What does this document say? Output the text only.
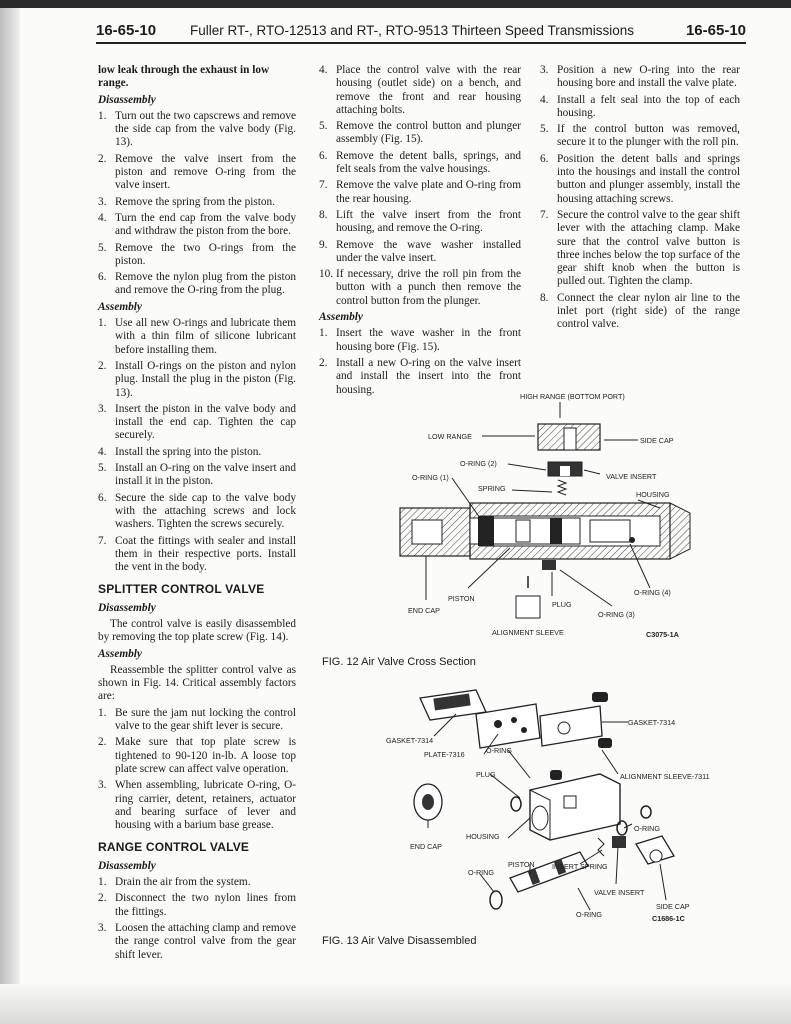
16-65-10	Fuller RT-, RTO-12513 and RT-, RTO-9513 Thirteen Speed Transmissions	16-65-10

low leak through the exhaust in low range.

Disassembly

1. Turn out the two capscrews and remove the side cap from the valve body (Fig. 13).
2. Remove the valve insert from the piston and remove O-ring from the valve insert.
3. Remove the spring from the piston.
4. Turn the end cap from the valve body and withdraw the piston from the bore.
5. Remove the two O-rings from the piston.
6. Remove the nylon plug from the piston and remove the O-ring from the plug.

Assembly

1. Use all new O-rings and lubricate them with a thin film of silicone lubricant before installing them.
2. Install O-rings on the piston and nylon plug. Install the plug in the piston (Fig. 13).
3. Insert the piston in the valve body and install the end cap. Tighten the cap securely.
4. Install the spring into the piston.
5. Install an O-ring on the valve insert and install it in the piston.
6. Secure the side cap to the valve body with the attaching screws and lock washers. Tighten the screws securely.
7. Coat the fittings with sealer and install them in their respective ports. Install the vent in the body.
SPLITTER CONTROL VALVE

Disassembly

The control valve is easily disassembled by removing the top plate screw (Fig. 14).

Assembly

Reassemble the splitter control valve as shown in Fig. 14. Critical assembly factors are:

1. Be sure the jam nut locking the control valve to the gear shift lever is secure.
2. Make sure that top plate screw is tightened to 90-120 in-lb. A loose top plate screw can affect valve operation.
3. When assembling, lubricate O-ring, O-ring carrier, detent, retainers, actuator and bearing surface of lever and housing with a barium base grease.
RANGE CONTROL VALVE

Disassembly

1. Drain the air from the system.
2. Disconnect the two nylon lines from the fittings.
3. Loosen the attaching clamp and remove the range control valve from the gear shift lever.
4. Place the control valve with the rear housing (outlet side) on a bench, and remove the front and rear housing attaching bolts.
5. Remove the control button and plunger assembly (Fig. 15).
6. Remove the detent balls, springs, and felt seals from the valve housings.
7. Remove the valve plate and O-ring from the rear housing.
8. Lift the valve insert from the front housing, and remove the O-ring.
9. Remove the wave washer installed under the valve insert.
10. If necessary, drive the roll pin from the button with a punch then remove the control button from the plunger.

Assembly

1. Insert the wave washer in the front housing bore (Fig. 15).
2. Install a new O-ring on the valve insert and install the insert into the front housing.
3. Position a new O-ring into the rear housing bore and install the valve plate.
4. Install a felt seal into the top of each housing.
5. If the control button was removed, secure it to the plunger with the roll pin.
6. Position the detent balls and springs into the housings and install the control button and plunger assembly, install the housing attaching screws.
7. Secure the control valve to the gear shift lever with the attaching clamp. Make sure that the control valve button is three inches below the top surface of the gear shift knob when the button is pulled out. Tighten the clamp.
8. Connect the clear nylon air line to the inlet port (right side) of the range control valve.
HIGH RANGE (BOTTOM PORT)
LOW RANGE	SIDE CAP
O-RING (2)
O-RING (1)	VALVE INSERT
SPRING
HOUSING
PISTON
O-RING (4)
END CAP
PLUG
O-RING (3)
ALIGNMENT SLEEVE	C3075-1A
FIG. 12 Air Valve Cross Section
GASKET-7314
GASKET-7314
PLATE-7316	O-RING
PLUG	ALIGNMENT SLEEVE-7311
O-RING
HOUSING
END CAP
PISTON INSERT SPRING
O-RING
VALVE INSERT
SIDE CAP
O-RING	C1686-1C
FIG. 13 Air Valve Disassembled
